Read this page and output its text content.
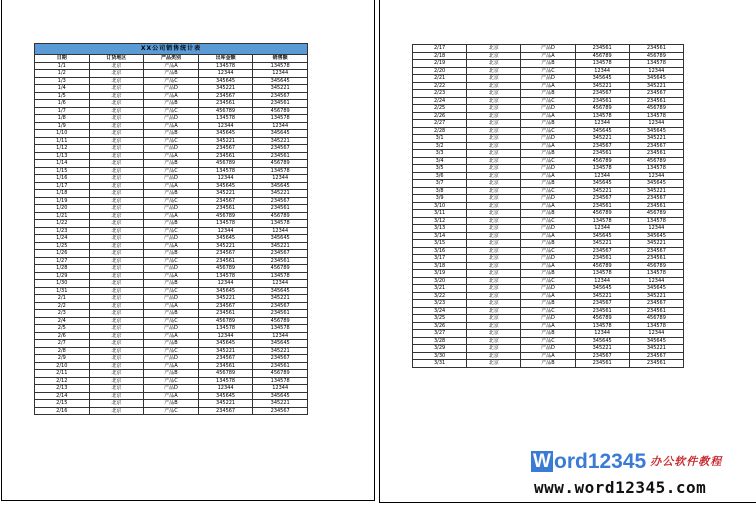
XX公司销售统计表				
日期	订货地区	产品类别	出库金额	销售额
1/1	北京	产品A	134578	134578
1/2	北京	产品B	12344	12344
1/3	北京	产品C	345645	345645
1/4	北京	产品D	345221	345221
1/5	北京	产品A	234567	234567
1/6	北京	产品B	234561	234561
1/7	北京	产品C	456789	456789
1/8	北京	产品D	134578	134578
1/9	北京	产品A	12344	12344
1/10	北京	产品B	345645	345645
1/11	北京	产品C	345221	345221
1/12	北京	产品D	234567	234567
1/13	北京	产品A	234561	234561
1/14	北京	产品B	456789	456789
1/15	北京	产品C	134578	134578
1/16	北京	产品D	12344	12344
1/17	北京	产品A	345645	345645
1/18	北京	产品B	345221	345221
1/19	北京	产品C	234567	234567
1/20	北京	产品D	234561	234561
1/21	北京	产品A	456789	456789
1/22	北京	产品B	134578	134578
1/23	北京	产品C	12344	12344
1/24	北京	产品D	345645	345645
1/25	北京	产品A	345221	345221
1/26	北京	产品B	234567	234567
1/27	北京	产品C	234561	234561
1/28	北京	产品D	456789	456789
1/29	北京	产品A	134578	134578
1/30	北京	产品B	12344	12344
1/31	北京	产品C	345645	345645
2/1	北京	产品D	345221	345221
2/2	北京	产品A	234567	234567
2/3	北京	产品B	234561	234561
2/4	北京	产品C	456789	456789
2/5	北京	产品D	134578	134578
2/6	北京	产品A	12344	12344
2/7	北京	产品B	345645	345645
2/8	北京	产品C	345221	345221
2/9	北京	产品D	234567	234567
2/10	北京	产品A	234561	234561
2/11	北京	产品B	456789	456789
2/12	北京	产品C	134578	134578
2/13	北京	产品D	12344	12344
2/14	北京	产品A	345645	345645
2/15	北京	产品B	345221	345221
2/16	北京	产品C	234567	234567
2/17	北京	产品D	234561	234561
2/18	北京	产品A	456789	456789
2/19	北京	产品B	134578	134578
2/20	北京	产品C	12344	12344
2/21	北京	产品D	345645	345645
2/22	北京	产品A	345221	345221
2/23	北京	产品B	234567	234567
2/24	北京	产品C	234561	234561
2/25	北京	产品D	456789	456789
2/26	北京	产品A	134578	134578
2/27	北京	产品B	12344	12344
2/28	北京	产品C	345645	345645
3/1	北京	产品D	345221	345221
3/2	北京	产品A	234567	234567
3/3	北京	产品B	234561	234561
3/4	北京	产品C	456789	456789
3/5	北京	产品D	134578	134578
3/6	北京	产品A	12344	12344
3/7	北京	产品B	345645	345645
3/8	北京	产品C	345221	345221
3/9	北京	产品D	234567	234567
3/10	北京	产品A	234561	234561
3/11	北京	产品B	456789	456789
3/12	北京	产品C	134578	134578
3/13	北京	产品D	12344	12344
3/14	北京	产品A	345645	345645
3/15	北京	产品B	345221	345221
3/16	北京	产品C	234567	234567
3/17	北京	产品D	234561	234561
3/18	北京	产品A	456789	456789
3/19	北京	产品B	134578	134578
3/20	北京	产品C	12344	12344
3/21	北京	产品D	345645	345645
3/22	北京	产品A	345221	345221
3/23	北京	产品B	234567	234567
3/24	北京	产品C	234561	234561
3/25	北京	产品D	456789	456789
3/26	北京	产品A	134578	134578
3/27	北京	产品B	12344	12344
3/28	北京	产品C	345645	345645
3/29	北京	产品D	345221	345221
3/30	北京	产品A	234567	234567
3/31	北京	产品B	234561	234561
W ord12345 办公软件教程
www.word12345.com
